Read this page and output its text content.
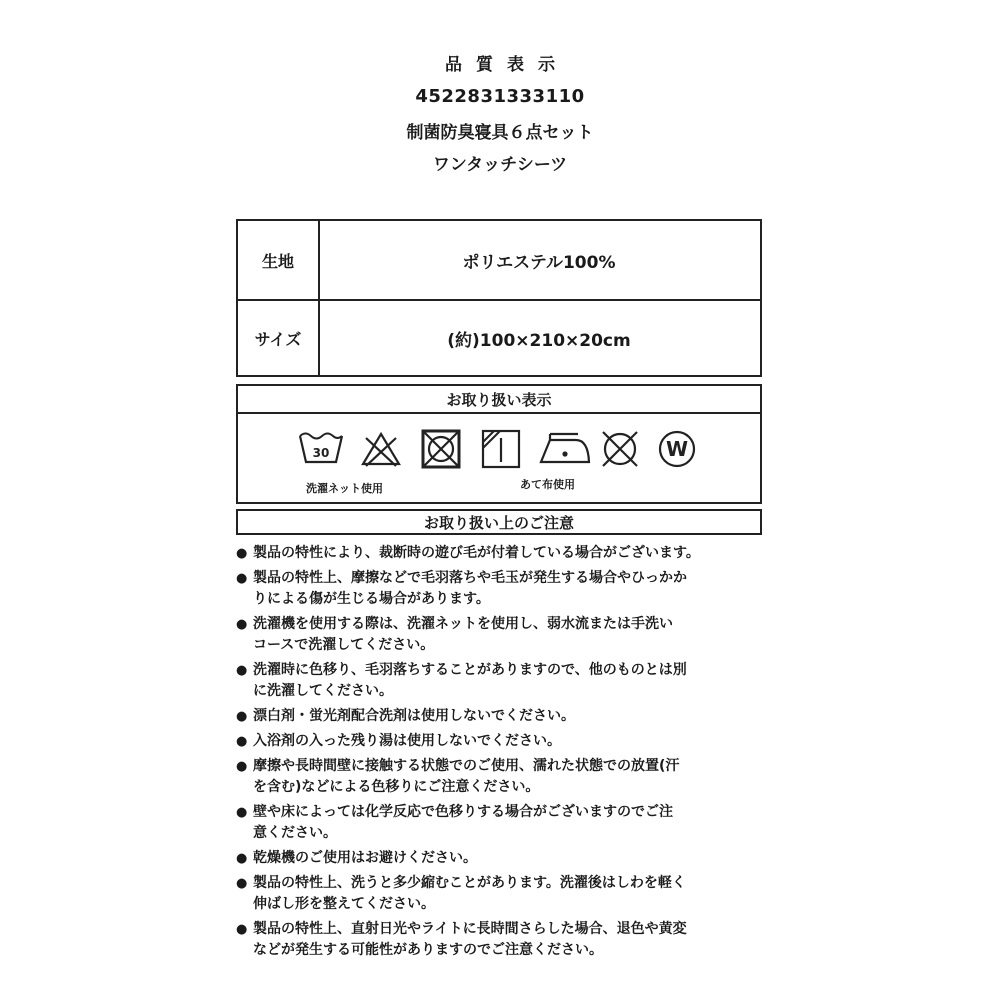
品質表示
4522831333110
制菌防臭寝具６点セット
ワンタッチシーツ
生地	ポリエステル100%
サイズ	(約)100×210×20cm
お取り扱い表示
30	W
洗濯ネット使用	あて布使用
お取り扱い上のご注意
● 製品の特性により、裁断時の遊び毛が付着している場合がございます。
● 製品の特性上、摩擦などで毛羽落ちや毛玉が発生する場合やひっかか
りによる傷が生じる場合があります。
● 洗濯機を使用する際は、洗濯ネットを使用し、弱水流または手洗い
コースで洗濯してください。
● 洗濯時に色移り、毛羽落ちすることがありますので、他のものとは別
に洗濯してください。
● 漂白剤・蛍光剤配合洗剤は使用しないでください。
● 入浴剤の入った残り湯は使用しないでください。
● 摩擦や長時間壁に接触する状態でのご使用、濡れた状態での放置(汗
を含む)などによる色移りにご注意ください。
● 壁や床によっては化学反応で色移りする場合がございますのでご注
意ください。
● 乾燥機のご使用はお避けください。
● 製品の特性上、洗うと多少縮むことがあります。洗濯後はしわを軽く
伸ばし形を整えてください。
● 製品の特性上、直射日光やライトに長時間さらした場合、退色や黄変
などが発生する可能性がありますのでご注意ください。
